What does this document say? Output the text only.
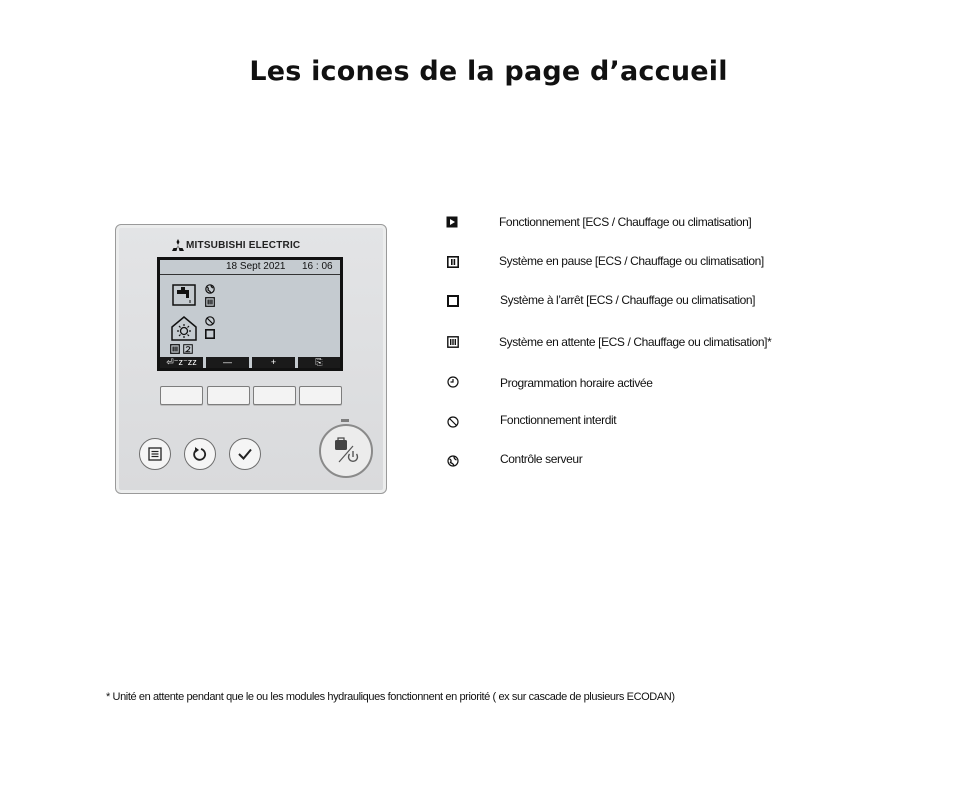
Les icones de la page d’accueil
MITSUBISHI ELECTRIC
18 Sept 2021 16 : 06
⏎⁻z⁻zz	—	+	⎘
Fonctionnement [ECS / Chauffage ou climatisation]
Système en pause [ECS / Chauffage ou climatisation]
Système à l’arrêt [ECS / Chauffage ou climatisation]
Système en attente [ECS / Chauffage ou climatisation]*
Programmation horaire activée
Fonctionnement interdit
Contrôle serveur
* Unité en attente pendant que le ou les modules hydrauliques fonctionnent en priorité ( ex sur cascade de plusieurs ECODAN)
